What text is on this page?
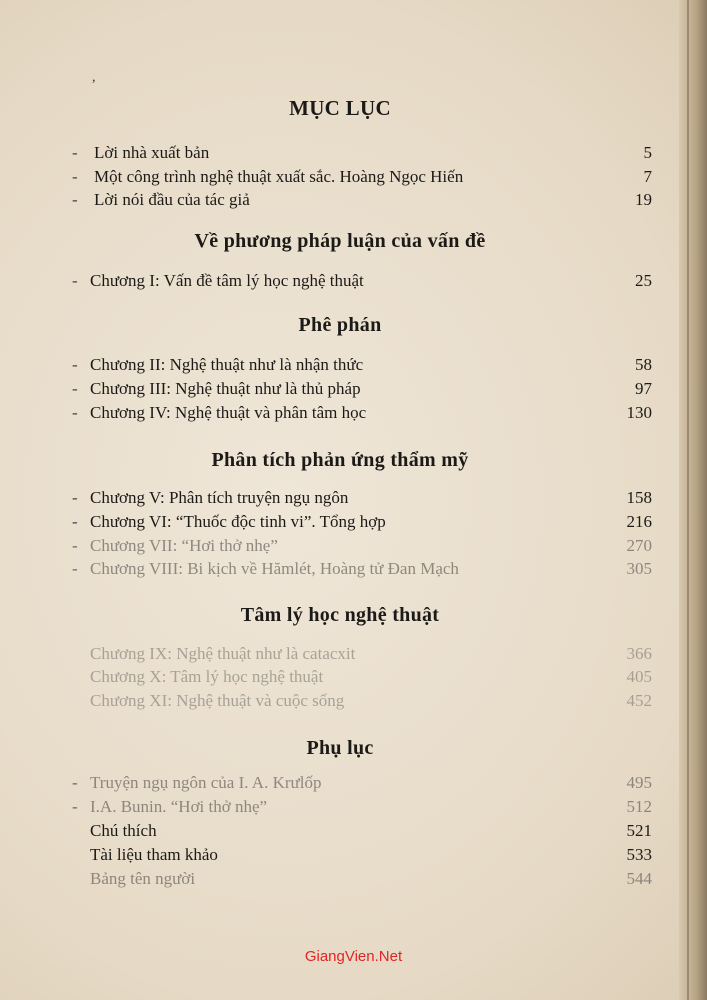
,
MỤC LỤC
- Lời nhà xuất bản	5
- Một công trình nghệ thuật xuất sắc. Hoàng Ngọc Hiến	7
- Lời nói đầu của tác giả	19
Về phương pháp luận của vấn đề
- Chương I: Vấn đề tâm lý học nghệ thuật	25
Phê phán
- Chương II: Nghệ thuật như là nhận thức	58
- Chương III: Nghệ thuật như là thủ pháp	97
- Chương IV: Nghệ thuật và phân tâm học	130
Phân tích phản ứng thẩm mỹ
- Chương V: Phân tích truyện ngụ ngôn	158
- Chương VI: “Thuốc độc tinh vi”. Tổng hợp	216
- Chương VII: “Hơi thở nhẹ”	270
- Chương VIII: Bi kịch về Hămlét, Hoàng tử Đan Mạch	305
Tâm lý học nghệ thuật
Chương IX: Nghệ thuật như là catacxit	366
Chương X: Tâm lý học nghệ thuật	405
Chương XI: Nghệ thuật và cuộc sống	452
Phụ lục
- Truyện ngụ ngôn của I. A. Krưlốp	495
- I.A. Bunin. “Hơi thở nhẹ”	512
Chú thích	521
Tài liệu tham khảo	533
Bảng tên người	544
GiangVien.Net
